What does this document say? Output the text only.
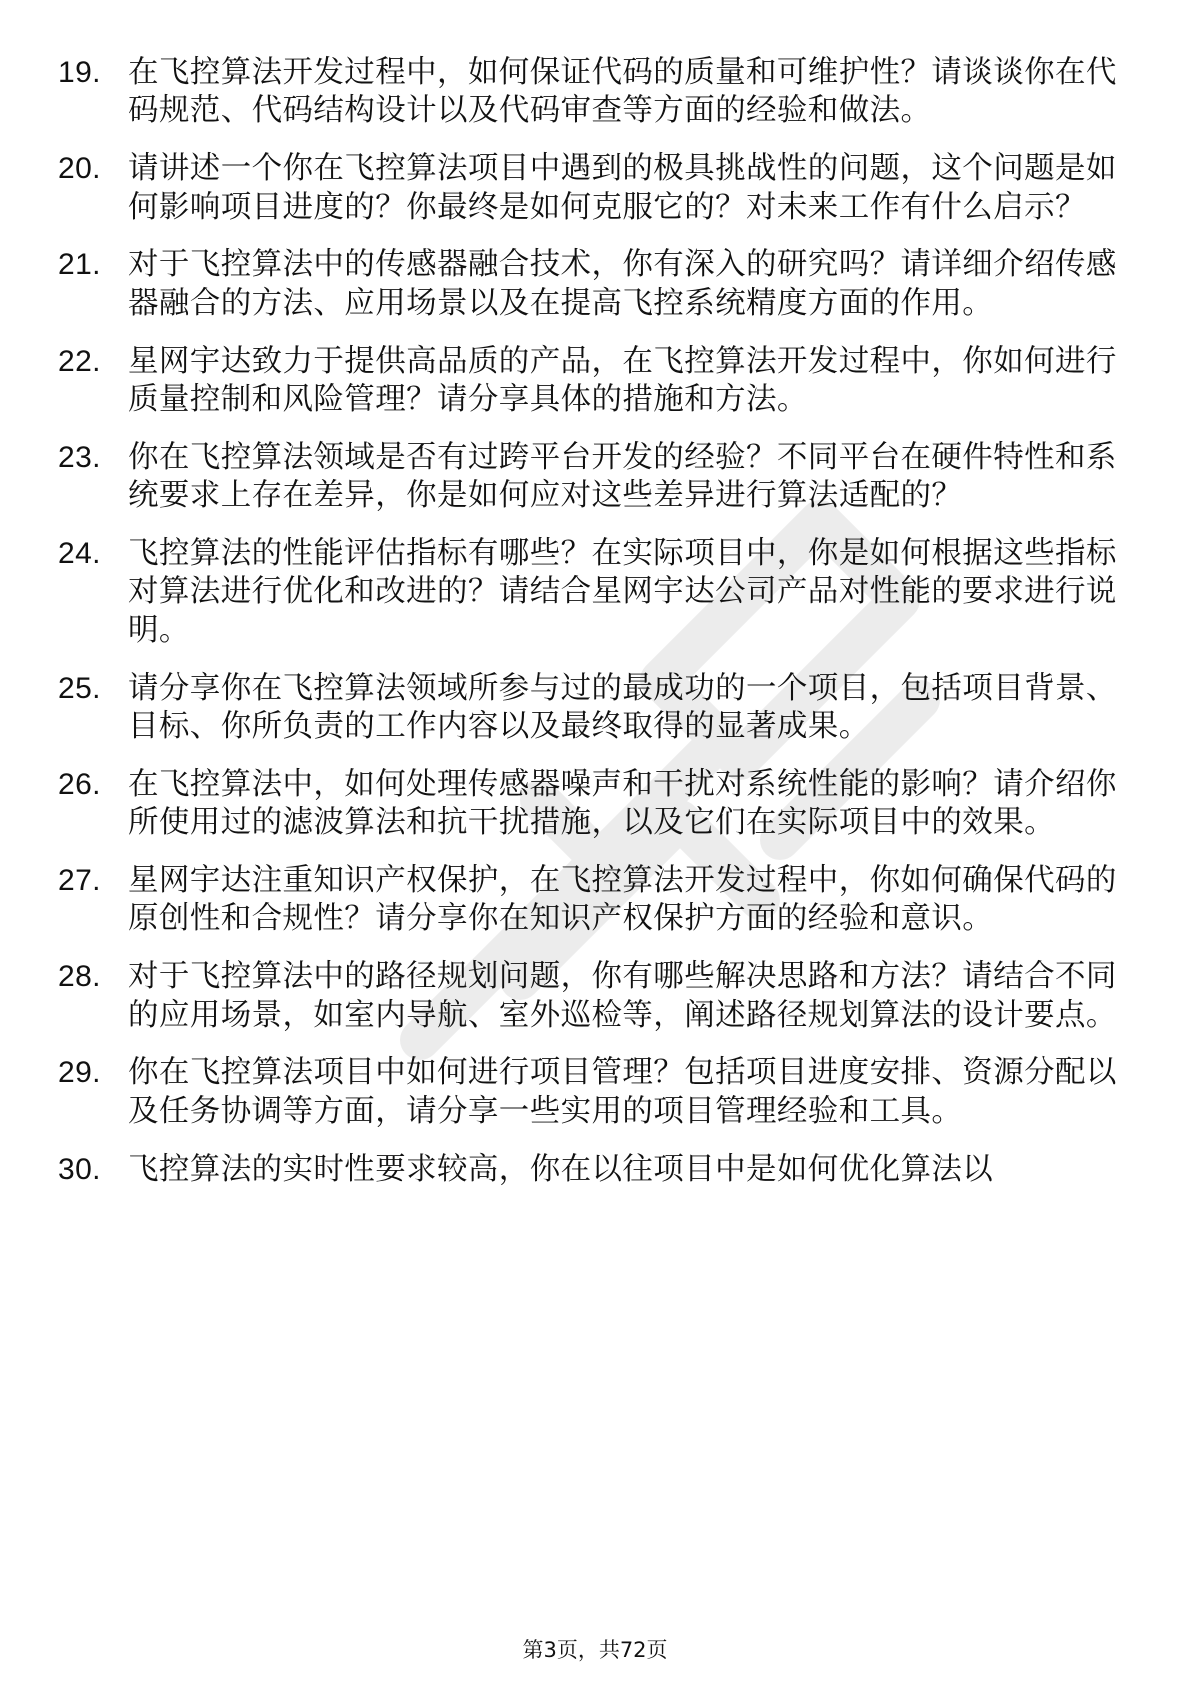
19. 在飞控算法开发过程中，如何保证代码的质量和可维护性？请谈谈你在代码规范、代码结构设计以及代码审查等方面的经验和做法。
20. 请讲述一个你在飞控算法项目中遇到的极具挑战性的问题，这个问题是如何影响项目进度的？你最终是如何克服它的？对未来工作有什么启示？
21. 对于飞控算法中的传感器融合技术，你有深入的研究吗？请详细介绍传感器融合的方法、应用场景以及在提高飞控系统精度方面的作用。
22. 星网宇达致力于提供高品质的产品，在飞控算法开发过程中，你如何进行质量控制和风险管理？请分享具体的措施和方法。
23. 你在飞控算法领域是否有过跨平台开发的经验？不同平台在硬件特性和系统要求上存在差异，你是如何应对这些差异进行算法适配的？
24. 飞控算法的性能评估指标有哪些？在实际项目中，你是如何根据这些指标对算法进行优化和改进的？请结合星网宇达公司产品对性能的要求进行说明。
25. 请分享你在飞控算法领域所参与过的最成功的一个项目，包括项目背景、目标、你所负责的工作内容以及最终取得的显著成果。
26. 在飞控算法中，如何处理传感器噪声和干扰对系统性能的影响？请介绍你所使用过的滤波算法和抗干扰措施，以及它们在实际项目中的效果。
27. 星网宇达注重知识产权保护，在飞控算法开发过程中，你如何确保代码的原创性和合规性？请分享你在知识产权保护方面的经验和意识。
28. 对于飞控算法中的路径规划问题，你有哪些解决思路和方法？请结合不同的应用场景，如室内导航、室外巡检等，阐述路径规划算法的设计要点。
29. 你在飞控算法项目中如何进行项目管理？包括项目进度安排、资源分配以及任务协调等方面，请分享一些实用的项目管理经验和工具。
30. 飞控算法的实时性要求较高，你在以往项目中是如何优化算法以
第3页，共72页
